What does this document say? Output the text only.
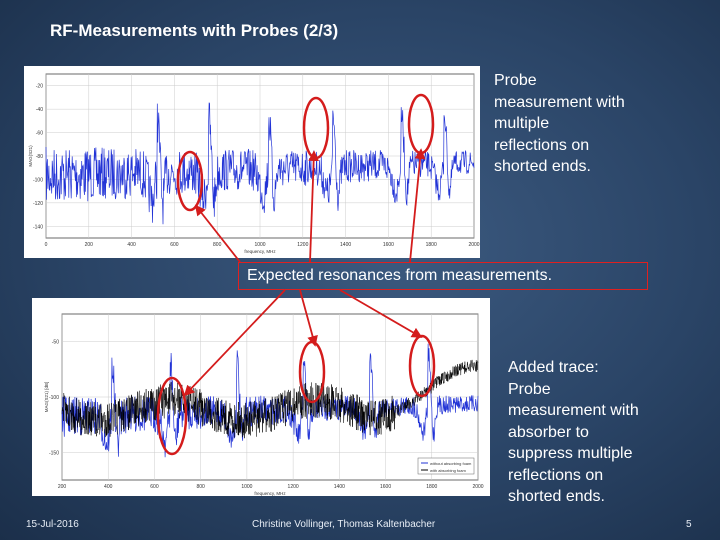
RF-Measurements with Probes (2/3)
0	200	400	600	800	1000	1200	1400	1600	1800	2000
-20
-40
-60
-80
-100
-120
-140
frequency, MHz
MAG(S21)
Probe
measurement with
multiple
reflections on
shorted ends.
Expected resonances from measurements.
200	400	600	800	1000	1200	1400	1600	1800	2000
-50
-100
-150
frequency, MHz
MAG(S21) [dB]
without absorbing foam
with absorbing foam
Added trace:
Probe
measurement with
absorber to
suppress multiple
reflections on
shorted ends.
15-Jul-2016	Christine Vollinger, Thomas Kaltenbacher	5
